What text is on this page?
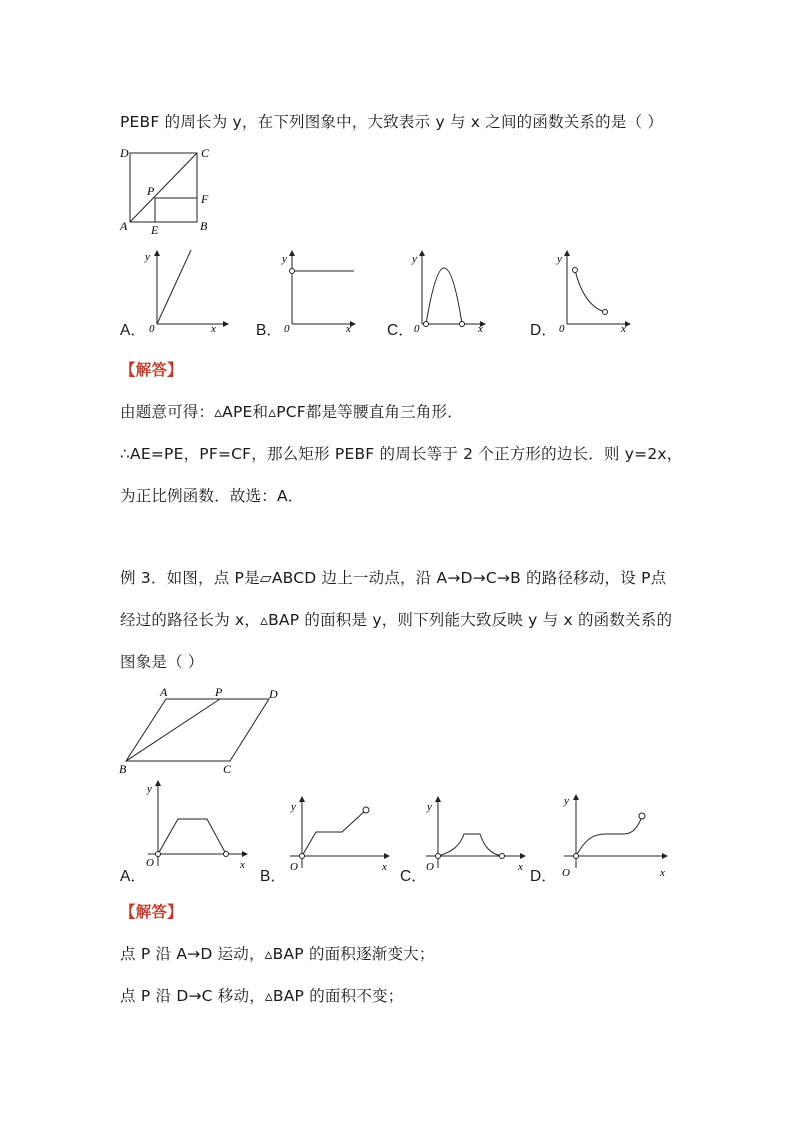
PEBF 的周长为 y，在下列图象中，大致表示 y 与 x 之间的函数关系的是（ ）
D	C
P
F
A E	B
y
x
0
A．
y
x
0
B．
y
x
0
C．
y
x
0
D．
【解答】
由题意可得：▵APE和▵PCF都是等腰直角三角形．
∴AE=PE，PF=CF，那么矩形 PEBF 的周长等于 2 个正方形的边长．则 y=2x，
为正比例函数．故选：A．
例 3．如图，点 P是▱ABCD 边上一动点，沿 A→D→C→B 的路径移动，设 P点
经过的路径长为 x，▵BAP 的面积是 y，则下列能大致反映 y 与 x 的函数关系的
图象是（ ）
A	P	D
B	C
y
x
O
A．
y
x
O
B．
y
x
O
C．
y
x
O
D．
【解答】
点 P 沿 A→D 运动，▵BAP 的面积逐渐变大；
点 P 沿 D→C 移动，▵BAP 的面积不变；
